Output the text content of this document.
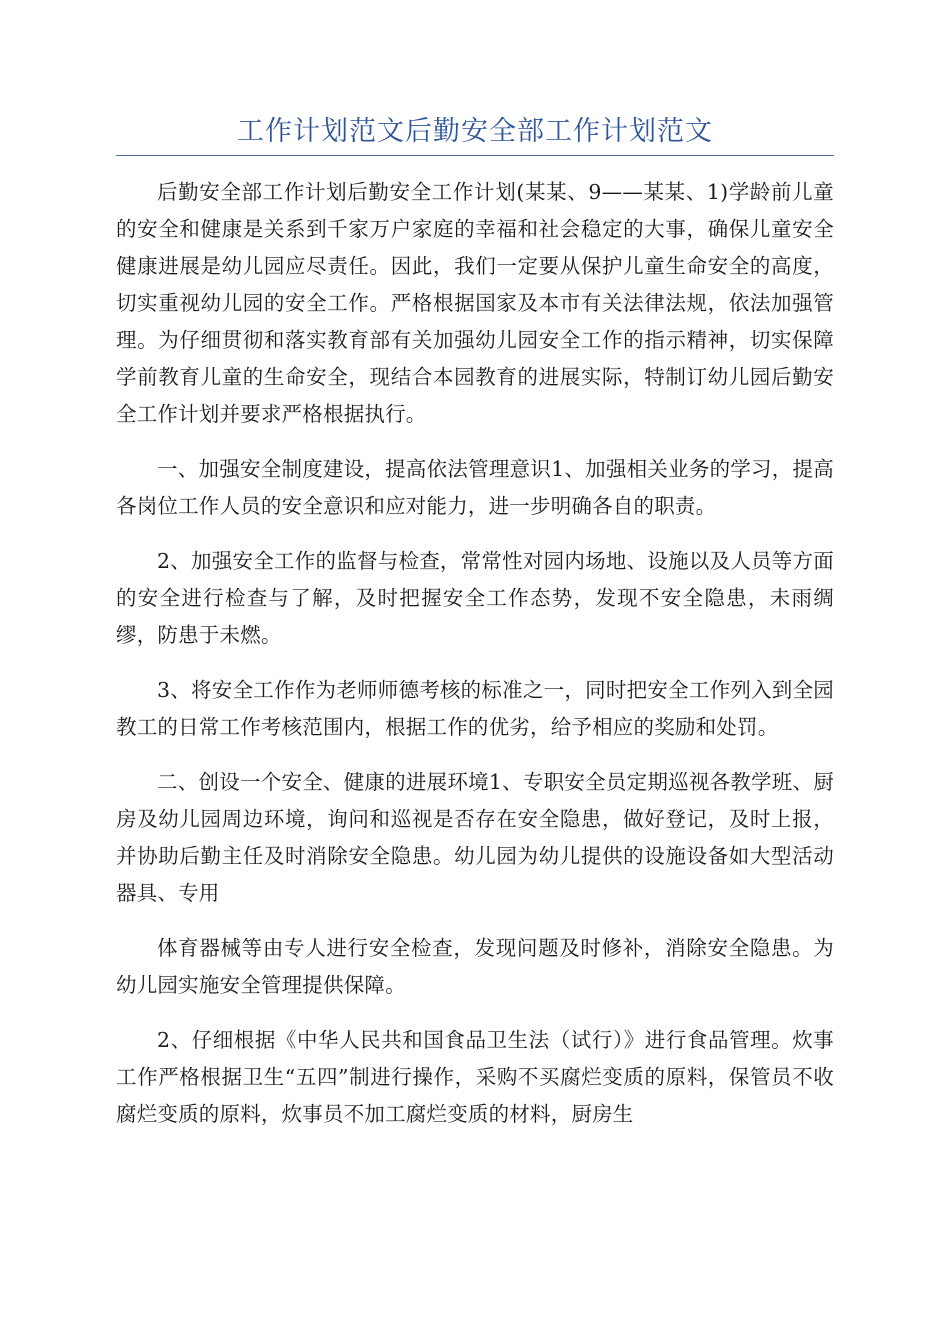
工作计划范文后勤安全部工作计划范文

后勤安全部工作计划后勤安全工作计划(某某、9——某某、1)学龄前儿童的安全和健康是关系到千家万户家庭的幸福和社会稳定的大事，确保儿童安全健康进展是幼儿园应尽责任。因此，我们一定要从保护儿童生命安全的高度，切实重视幼儿园的安全工作。严格根据国家及本市有关法律法规，依法加强管理。为仔细贯彻和落实教育部有关加强幼儿园安全工作的指示精神，切实保障学前教育儿童的生命安全，现结合本园教育的进展实际，特制订幼儿园后勤安全工作计划并要求严格根据执行。

一、加强安全制度建设，提高依法管理意识1、加强相关业务的学习，提高各岗位工作人员的安全意识和应对能力，进一步明确各自的职责。

2、加强安全工作的监督与检查，常常性对园内场地、设施以及人员等方面的安全进行检查与了解，及时把握安全工作态势，发现不安全隐患，未雨绸缪，防患于未燃。

3、将安全工作作为老师师德考核的标准之一，同时把安全工作列入到全园教工的日常工作考核范围内，根据工作的优劣，给予相应的奖励和处罚。

二、创设一个安全、健康的进展环境1、专职安全员定期巡视各教学班、厨房及幼儿园周边环境，询问和巡视是否存在安全隐患，做好登记，及时上报，并协助后勤主任及时消除安全隐患。幼儿园为幼儿提供的设施设备如大型活动器具、专用

体育器械等由专人进行安全检查，发现问题及时修补，消除安全隐患。为幼儿园实施安全管理提供保障。

2、仔细根据《中华人民共和国食品卫生法（试行）》进行食品管理。炊事工作严格根据卫生“五四”制进行操作，采购不买腐烂变质的原料，保管员不收腐烂变质的原料，炊事员不加工腐烂变质的材料，厨房生
